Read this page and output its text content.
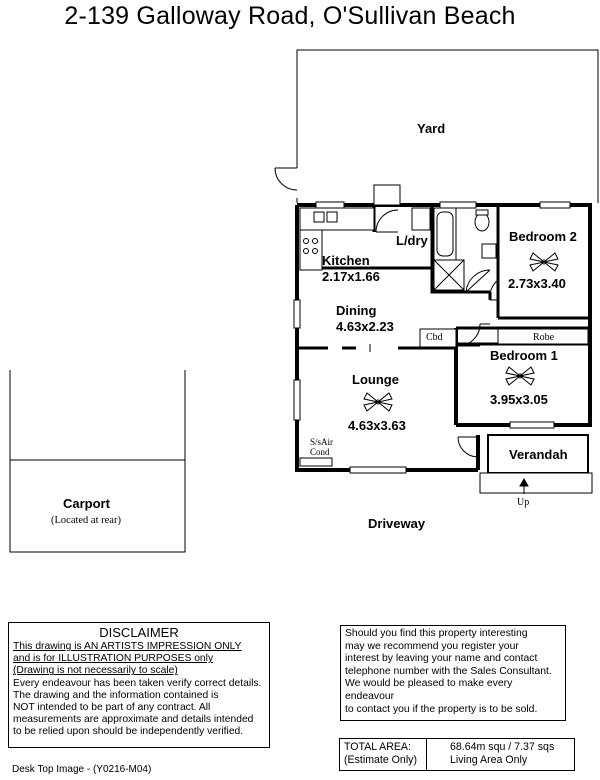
2-139 Galloway Road, O'Sullivan Beach
Yard
Kitchen
2.17x1.66
L/dry	Bedroom 2
2.73x3.40
Dining
4.63x2.23
Cbd	Robe
Bedroom 1
3.95x3.05
Lounge
4.63x3.63
S/sAir
Cond	Verandah
Up
Driveway
Carport
(Located at rear)
DISCLAIMER
This drawing is AN ARTISTS IMPRESSION ONLY
and is for ILLUSTRATION PURPOSES only
(Drawing is not necessarily to scale)
Every endeavour has been taken verify correct details.
The drawing and the information contained is
NOT intended to be part of any contract. All
measurements are approximate and details intended
to be relied upon should be independently verified.
Should you find this property interesting
may we recommend you register your
interest by leaving your name and contact
telephone number with the Sales Consultant.
We would be pleased to make every endeavour
to contact you if the property is to be sold.
TOTAL AREA:
(Estimate Only)
68.64m squ / 7.37 sqs
Living Area Only
Desk Top Image - (Y0216-M04)
